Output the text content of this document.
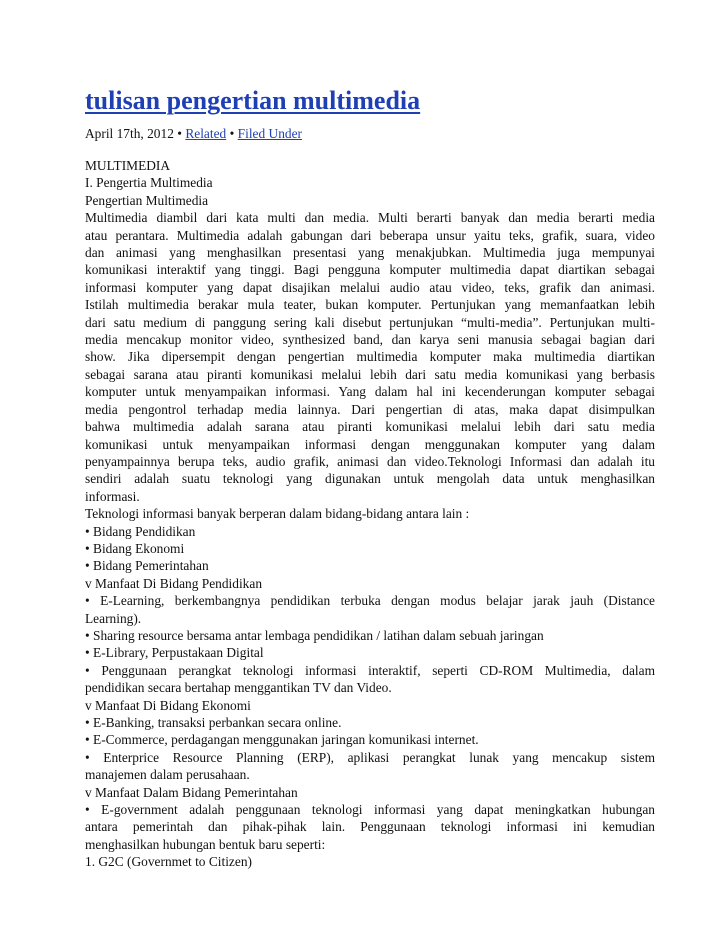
tulisan pengertian multimedia
April 17th, 2012 • Related • Filed Under
MULTIMEDIA
I. Pengertia Multimedia
Pengertian Multimedia
Multimedia diambil dari kata multi dan media. Multi berarti banyak dan media berarti media
atau perantara. Multimedia adalah gabungan dari beberapa unsur yaitu teks, grafik, suara, video
dan animasi yang menghasilkan presentasi yang menakjubkan. Multimedia juga mempunyai
komunikasi interaktif yang tinggi. Bagi pengguna komputer multimedia dapat diartikan sebagai
informasi komputer yang dapat disajikan melalui audio atau video, teks, grafik dan animasi.
Istilah multimedia berakar mula teater, bukan komputer. Pertunjukan yang memanfaatkan lebih
dari satu medium di panggung sering kali disebut pertunjukan “multi-media”. Pertunjukan multi-
media mencakup monitor video, synthesized band, dan karya seni manusia sebagai bagian dari
show. Jika dipersempit dengan pengertian multimedia komputer maka multimedia diartikan
sebagai sarana atau piranti komunikasi melalui lebih dari satu media komunikasi yang berbasis
komputer untuk menyampaikan informasi. Yang dalam hal ini kecenderungan komputer sebagai
media pengontrol terhadap media lainnya. Dari pengertian di atas, maka dapat disimpulkan
bahwa multimedia adalah sarana atau piranti komunikasi melalui lebih dari satu media
komunikasi untuk menyampaikan informasi dengan menggunakan komputer yang dalam
penyampainnya berupa teks, audio grafik, animasi dan video.Teknologi Informasi dan adalah itu
sendiri adalah suatu teknologi yang digunakan untuk mengolah data untuk menghasilkan
informasi.
Teknologi informasi banyak berperan dalam bidang-bidang antara lain :
• Bidang Pendidikan
• Bidang Ekonomi
• Bidang Pemerintahan
v Manfaat Di Bidang Pendidikan
• E-Learning, berkembangnya pendidikan terbuka dengan modus belajar jarak jauh (Distance
Learning).
• Sharing resource bersama antar lembaga pendidikan / latihan dalam sebuah jaringan
• E-Library, Perpustakaan Digital
• Penggunaan perangkat teknologi informasi interaktif, seperti CD-ROM Multimedia, dalam
pendidikan secara bertahap menggantikan TV dan Video.
v Manfaat Di Bidang Ekonomi
• E-Banking, transaksi perbankan secara online.
• E-Commerce, perdagangan menggunakan jaringan komunikasi internet.
• Enterprice Resource Planning (ERP), aplikasi perangkat lunak yang mencakup sistem
manajemen dalam perusahaan.
v Manfaat Dalam Bidang Pemerintahan
• E-government adalah penggunaan teknologi informasi yang dapat meningkatkan hubungan
antara pemerintah dan pihak-pihak lain. Penggunaan teknologi informasi ini kemudian
menghasilkan hubungan bentuk baru seperti:
1. G2C (Governmet to Citizen)
